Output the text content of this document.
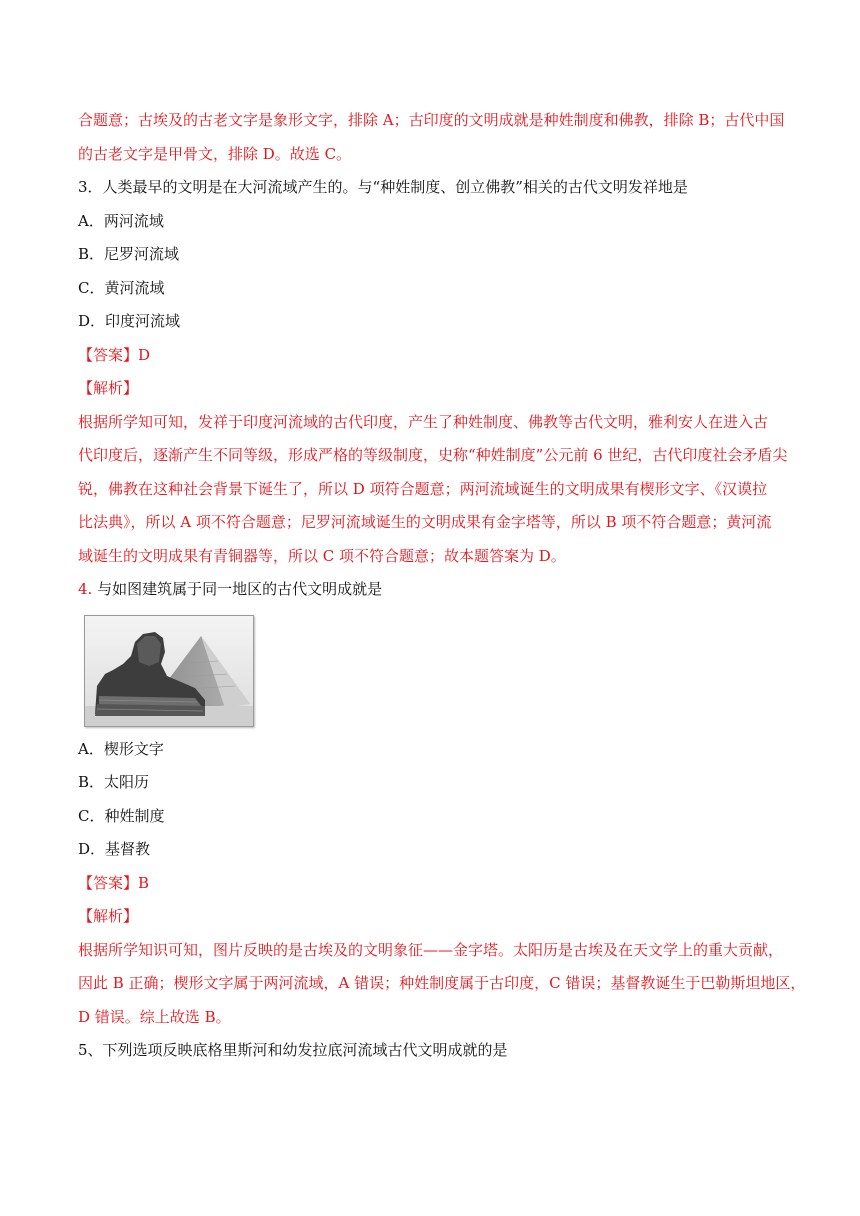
合题意；古埃及的古老文字是象形文字，排除 A；古印度的文明成就是种姓制度和佛教，排除 B；古代中国
的古老文字是甲骨文，排除 D。故选 C。
3．人类最早的文明是在大河流域产生的。与“种姓制度、创立佛教”相关的古代文明发祥地是
A．两河流域
B．尼罗河流域
C．黄河流域
D．印度河流域
【答案】D
【解析】
根据所学知可知，发祥于印度河流域的古代印度，产生了种姓制度、佛教等古代文明，雅利安人在进入古
代印度后，逐渐产生不同等级，形成严格的等级制度，史称“种姓制度”公元前 6 世纪，古代印度社会矛盾尖
锐，佛教在这种社会背景下诞生了，所以 D 项符合题意；两河流域诞生的文明成果有楔形文字、《汉谟拉
比法典》，所以 A 项不符合题意；尼罗河流域诞生的文明成果有金字塔等，所以 B 项不符合题意；黄河流
域诞生的文明成果有青铜器等，所以 C 项不符合题意；故本题答案为 D。
4. 与如图建筑属于同一地区的古代文明成就是
A．楔形文字
B．太阳历
C．种姓制度
D．基督教
【答案】B
【解析】
根据所学知识可知，图片反映的是古埃及的文明象征——金字塔。太阳历是古埃及在天文学上的重大贡献，
因此 B 正确；楔形文字属于两河流域，A 错误；种姓制度属于古印度，C 错误；基督教诞生于巴勒斯坦地区，
D 错误。综上故选 B。
5、下列选项反映底格里斯河和幼发拉底河流域古代文明成就的是
